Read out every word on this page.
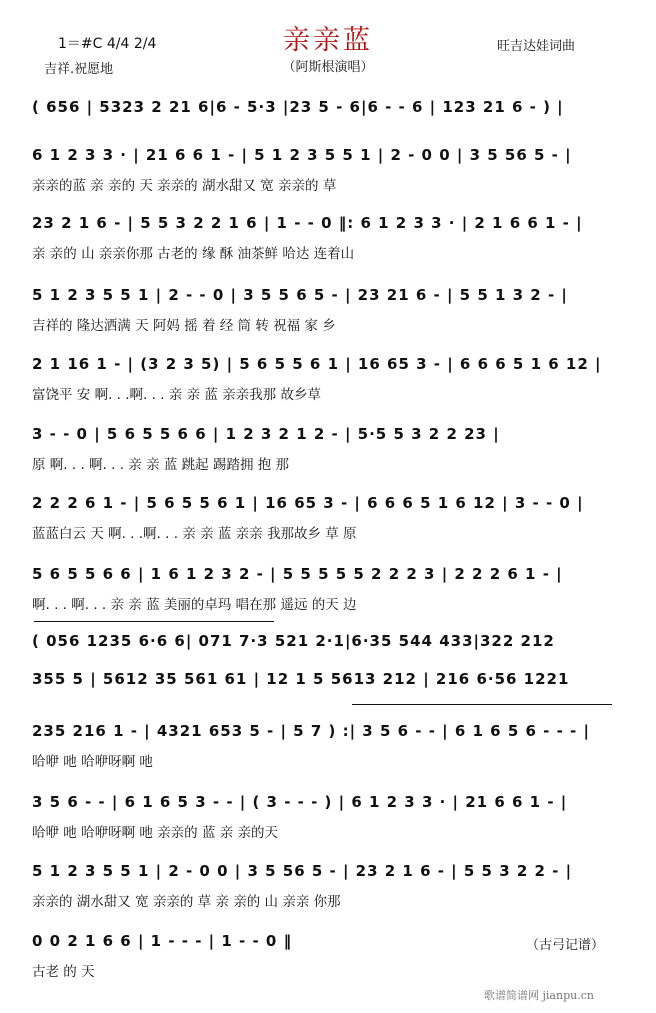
亲亲蓝
1＝#C 4/4 2/4	旺吉达娃词曲
（阿斯根演唱）
吉祥.祝愿地
( 656 | 5323 2 21 6|6 - 5·3 |23 5 - 6|6 - - 6 | 123 21 6 - ) |
6 1 2 3 3 · | 21 6 6 1 - | 5 1 2 3 5 5 1 | 2 - 0 0 | 3 5 56 5 - |
亲亲的蓝 亲 亲的 天 亲亲的 湖水甜又 宽 亲亲的 草
23 2 1 6 - | 5 5 3 2 2 1 6 | 1 - - 0 ‖: 6 1 2 3 3 · | 2 1 6 6 1 - |
亲 亲的 山 亲亲你那 古老的 缘 酥 油茶鲜 哈达 连着山
5 1 2 3 5 5 1 | 2 - - 0 | 3 5 5 6 5 - | 23 21 6 - | 5 5 1 3 2 - |
吉祥的 隆达洒满 天 阿妈 摇 着 经 筒 转 祝福 家 乡
2 1 16 1 - | (3 2 3 5) | 5 6 5 5 6 1 | 16 65 3 - | 6 6 6 5 1 6 12 |
富饶平 安 啊. . .啊. . . 亲 亲 蓝 亲亲我那 故乡草
3 - - 0 | 5 6 5 5 6 6 | 1 2 3 2 1 2 - | 5·5 5 3 2 2 23 |
原 啊. . . 啊. . . 亲 亲 蓝 跳起 踢踏拥 抱 那
2 2 2 6 1 - | 5 6 5 5 6 1 | 16 65 3 - | 6 6 6 5 1 6 12 | 3 - - 0 |
蓝蓝白云 天 啊. . .啊. . . 亲 亲 蓝 亲亲 我那故乡 草 原
5 6 5 5 6 6 | 1 6 1 2 3 2 - | 5 5 5 5 5 2 2 2 3 | 2 2 2 6 1 - |
啊. . . 啊. . . 亲 亲 蓝 美丽的卓玛 唱在那 遥远 的天 边
( 056 1235 6·6 6| 071 7·3 521 2·1|6·35 544 433|322 212
355 5 | 5612 35 561 61 | 12 1 5 5613 212 | 216 6·56 1221
235 216 1 - | 4321 653 5 - | 5 7 ) :| 3 5 6 - - | 6 1 6 5 6 - - - |
哈咿 吔 哈咿呀啊 吔
3 5 6 - - | 6 1 6 5 3 - - | ( 3 - - - ) | 6 1 2 3 3 · | 21 6 6 1 - |
哈咿 吔 哈咿呀啊 吔 亲亲的 蓝 亲 亲的天
5 1 2 3 5 5 1 | 2 - 0 0 | 3 5 56 5 - | 23 2 1 6 - | 5 5 3 2 2 - |
亲亲的 湖水甜又 宽 亲亲的 草 亲 亲的 山 亲亲 你那
0 0 2 1 6 6 | 1 - - - | 1 - - 0 ‖
古老 的 天
（古弓记谱）
歌谱简谱网 jianpu.cn
